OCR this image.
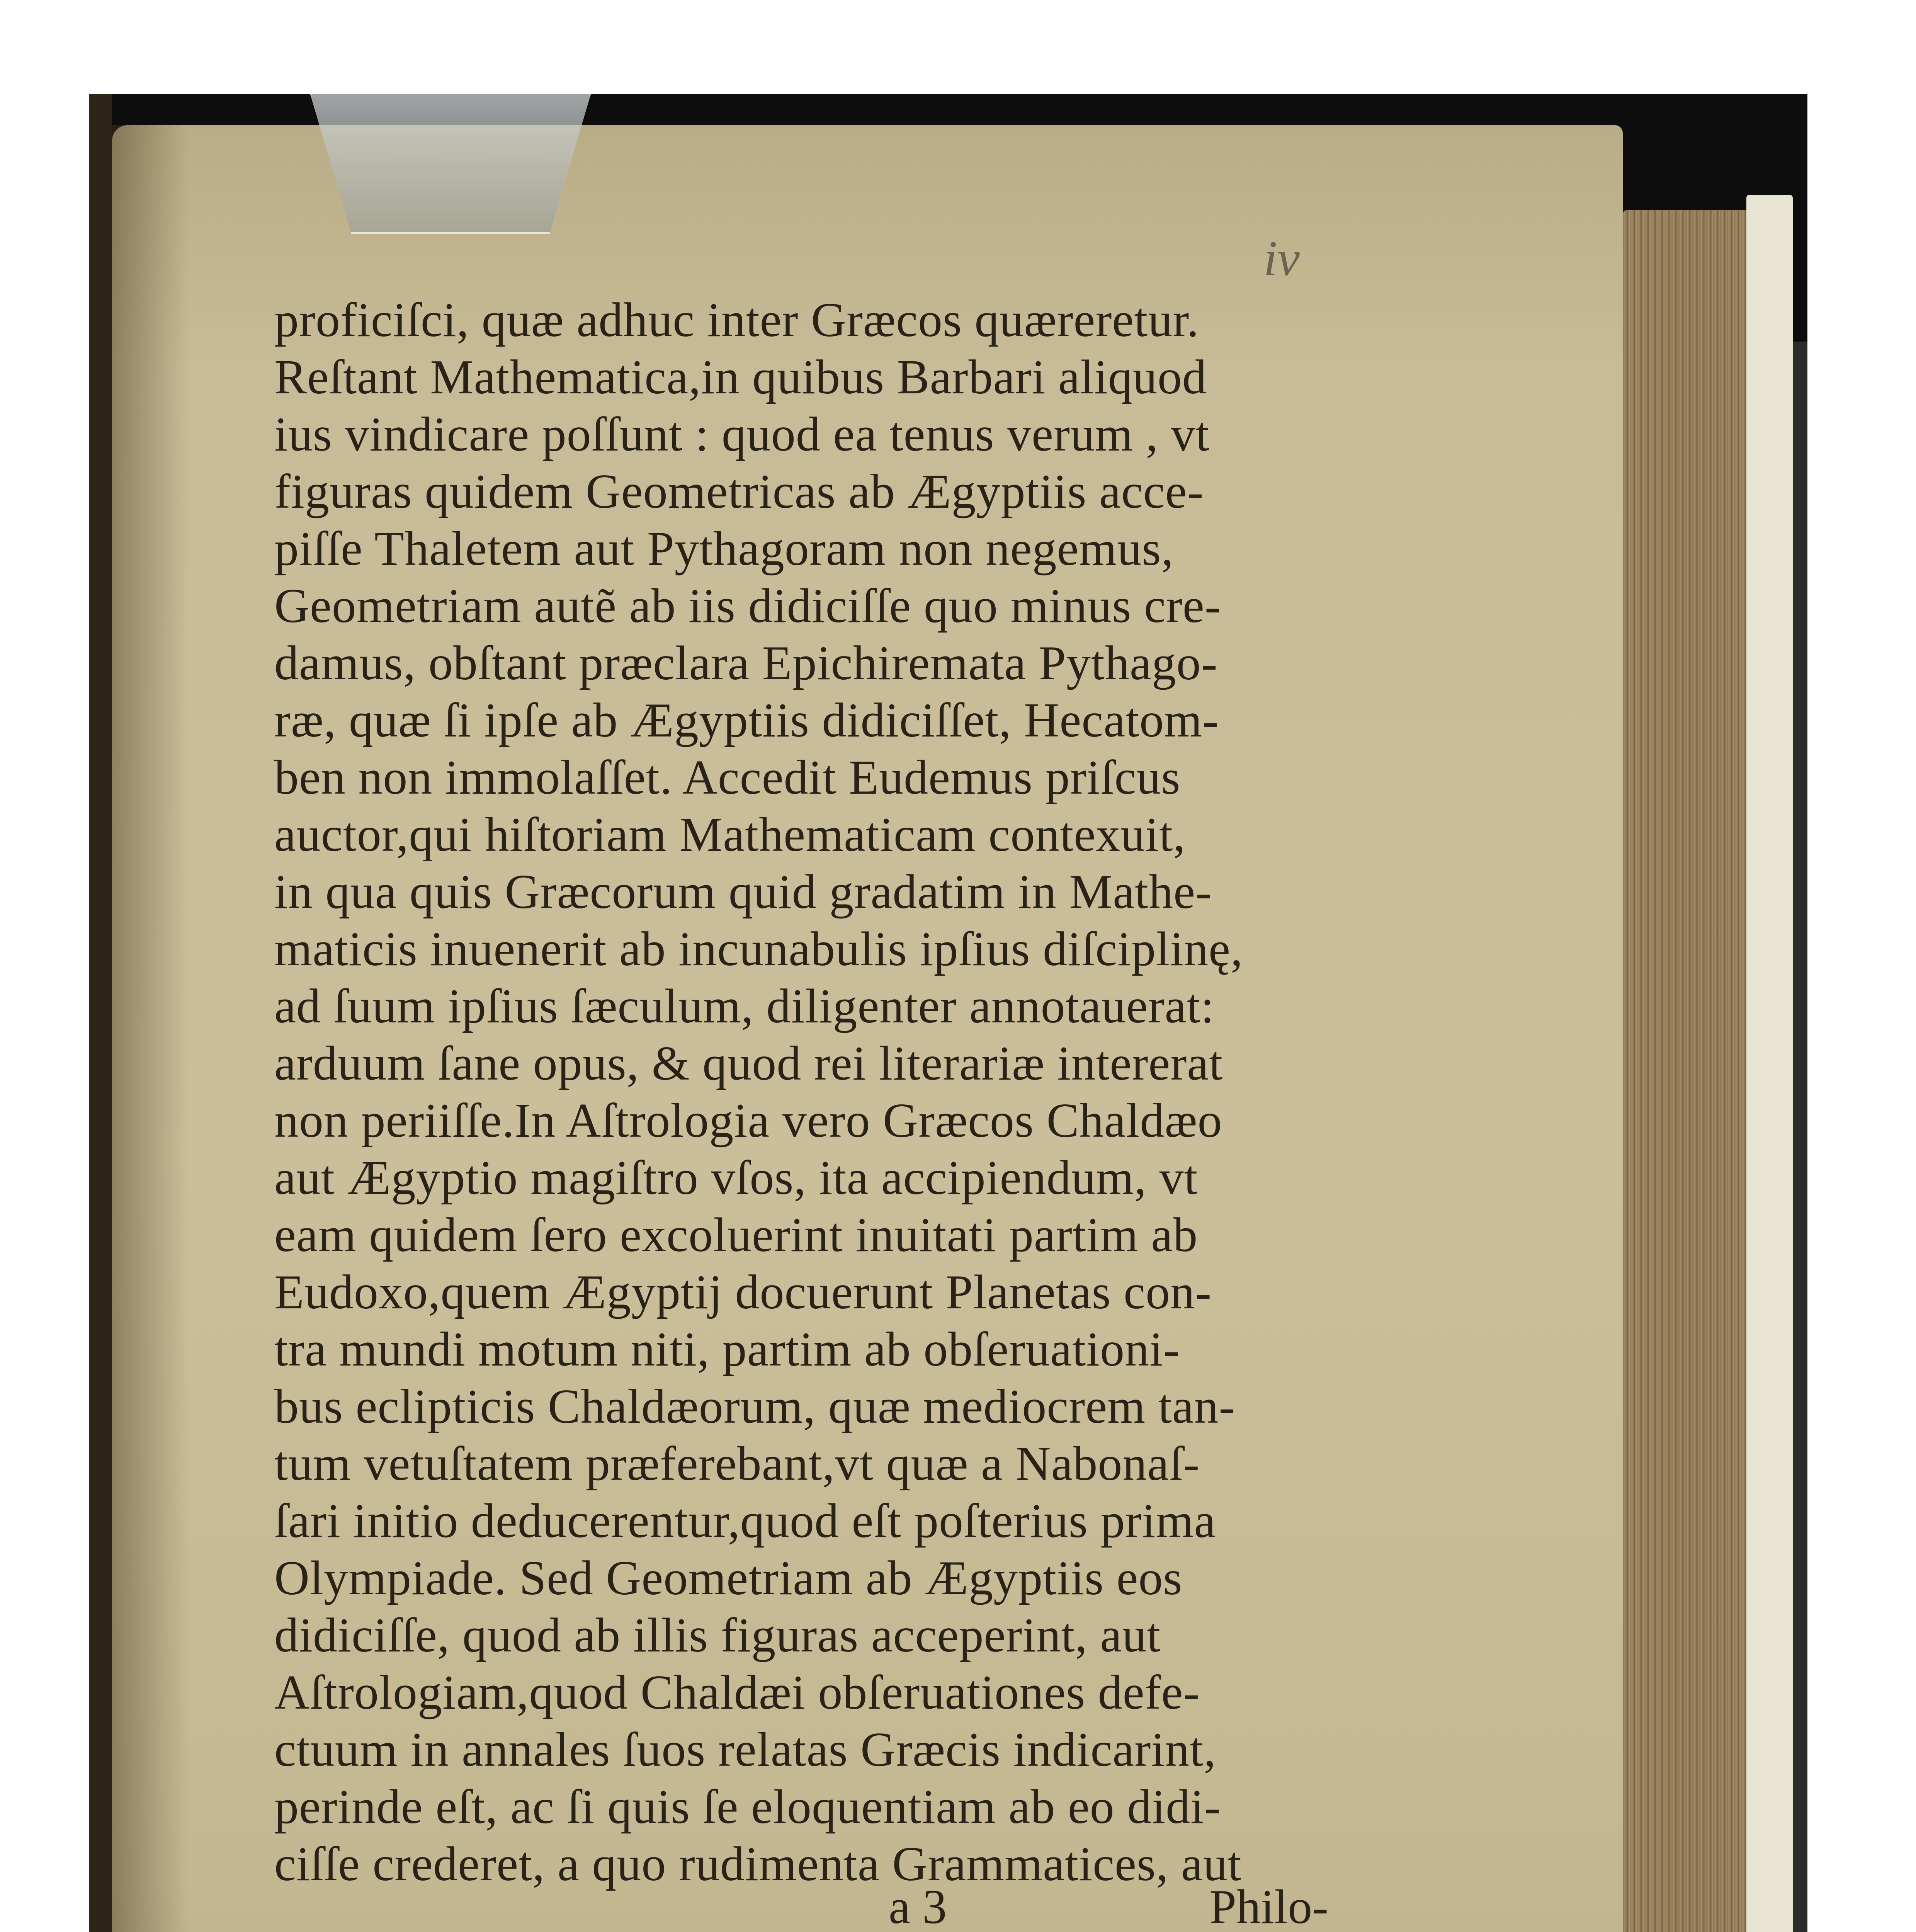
iv
proficiſci, quæ adhuc inter Græcos quæreretur.
Reſtant Mathematica,in quibus Barbari aliquod
ius vindicare poſſunt : quod ea tenus verum , vt
figuras quidem Geometricas ab Ægyptiis acce-
piſſe Thaletem aut Pythagoram non negemus,
Geometriam autẽ ab iis didiciſſe quo minus cre-
damus, obſtant præclara Epichiremata Pythago-
ræ, quæ ſi ipſe ab Ægyptiis didiciſſet, Hecatom-
ben non immolaſſet. Accedit Eudemus priſcus
auctor,qui hiſtoriam Mathematicam contexuit,
in qua quis Græcorum quid gradatim in Mathe-
maticis inuenerit ab incunabulis ipſius diſciplinę,
ad ſuum ipſius ſæculum, diligenter annotauerat:
arduum ſane opus, & quod rei literariæ intererat
non periiſſe.In Aſtrologia vero Græcos Chaldæo
aut Ægyptio magiſtro vſos, ita accipiendum, vt
eam quidem ſero excoluerint inuitati partim ab
Eudoxo,quem Ægyptij docuerunt Planetas con-
tra mundi motum niti, partim ab obſeruationi-
bus eclipticis Chaldæorum, quæ mediocrem tan-
tum vetuſtatem præferebant,vt quæ a Nabonaſ-
ſari initio deducerentur,quod eſt poſterius prima
Olympiade. Sed Geometriam ab Ægyptiis eos
didiciſſe, quod ab illis figuras acceperint, aut
Aſtrologiam,quod Chaldæi obſeruationes defe-
ctuum in annales ſuos relatas Græcis indicarint,
perinde eſt, ac ſi quis ſe eloquentiam ab eo didi-
ciſſe crederet, a quo rudimenta Grammatices, aut
a 3	Philo-
